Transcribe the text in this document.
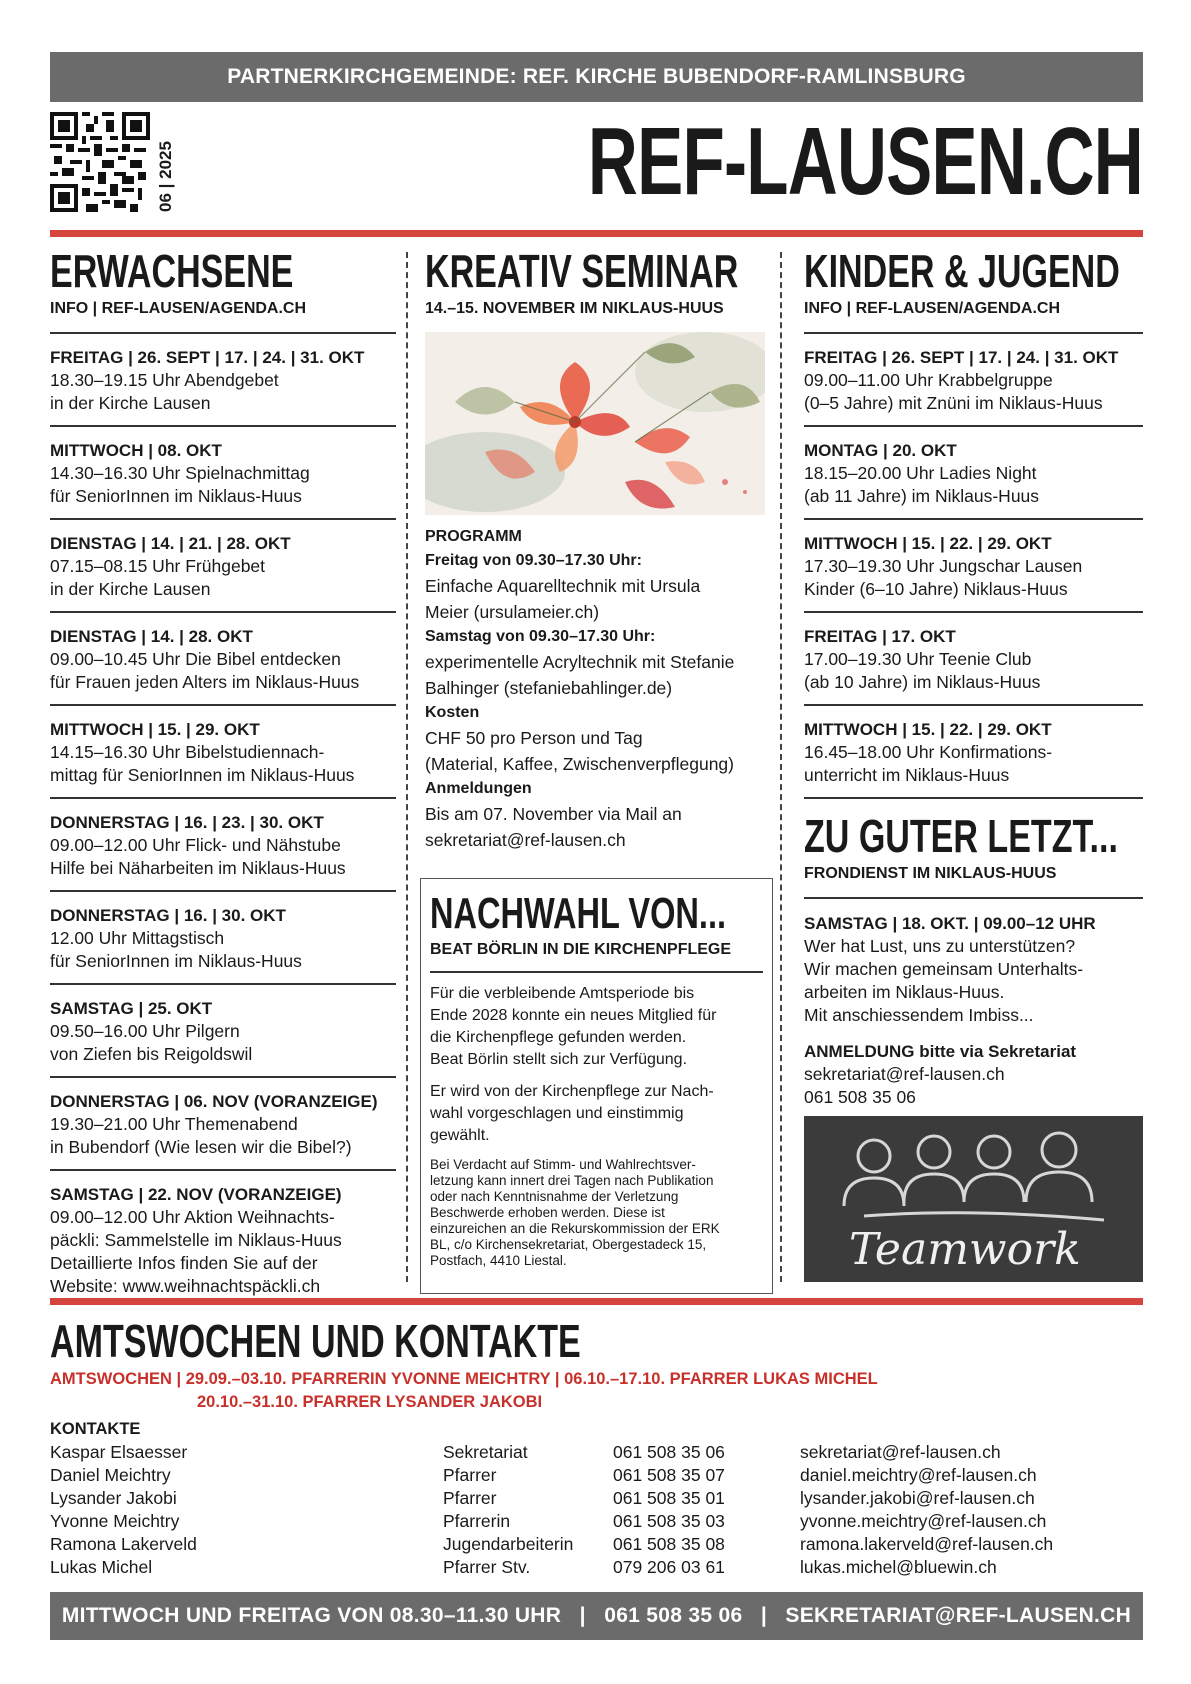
PARTNERKIRCHGEMEINDE: REF. KIRCHE BUBENDORF-RAMLINSBURG
06 | 2025	REF-LAUSEN.CH
ERWACHSENE
INFO | REF-LAUSEN/AGENDA.CH
FREITAG | 26. SEPT | 17. | 24. | 31. OKT
18.30–19.15 Uhr Abendgebet
in der Kirche Lausen
MITTWOCH | 08. OKT
14.30–16.30 Uhr Spielnachmittag
für SeniorInnen im Niklaus-Huus
DIENSTAG | 14. | 21. | 28. OKT
07.15–08.15 Uhr Frühgebet
in der Kirche Lausen
DIENSTAG | 14. | 28. OKT
09.00–10.45 Uhr Die Bibel entdecken
für Frauen jeden Alters im Niklaus-Huus
MITTWOCH | 15. | 29. OKT
14.15–16.30 Uhr Bibelstudiennach-
mittag für SeniorInnen im Niklaus-Huus
DONNERSTAG | 16. | 23. | 30. OKT
09.00–12.00 Uhr Flick- und Nähstube
Hilfe bei Näharbeiten im Niklaus-Huus
DONNERSTAG | 16. | 30. OKT
12.00 Uhr Mittagstisch
für SeniorInnen im Niklaus-Huus
SAMSTAG | 25. OKT
09.50–16.00 Uhr Pilgern
von Ziefen bis Reigoldswil
DONNERSTAG | 06. NOV (VORANZEIGE)
19.30–21.00 Uhr Themenabend
in Bubendorf (Wie lesen wir die Bibel?)
SAMSTAG | 22. NOV (VORANZEIGE)
09.00–12.00 Uhr Aktion Weihnachts-
päckli: Sammelstelle im Niklaus-Huus
Detaillierte Infos finden Sie auf der
Website: www.weihnachtspäckli.ch
KREATIV SEMINAR
14.–15. NOVEMBER IM NIKLAUS-HUUS
PROGRAMM
Freitag von 09.30–17.30 Uhr:
Einfache Aquarelltechnik mit Ursula
Meier (ursulameier.ch)
Samstag von 09.30–17.30 Uhr:
experimentelle Acryltechnik mit Stefanie
Balhinger (stefaniebahlinger.de)
Kosten
CHF 50 pro Person und Tag
(Material, Kaffee, Zwischenverpflegung)
Anmeldungen
Bis am 07. November via Mail an
sekretariat@ref-lausen.ch
NACHWAHL VON...
BEAT BÖRLIN IN DIE KIRCHENPFLEGE
Für die verbleibende Amtsperiode bis
Ende 2028 konnte ein neues Mitglied für
die Kirchenpflege gefunden werden.
Beat Börlin stellt sich zur Verfügung.
Er wird von der Kirchenpflege zur Nach-
wahl vorgeschlagen und einstimmig
gewählt.
Bei Verdacht auf Stimm- und Wahlrechtsver-
letzung kann innert drei Tagen nach Publikation
oder nach Kenntnisnahme der Verletzung
Beschwerde erhoben werden. Diese ist
einzureichen an die Rekurskommission der ERK
BL, c/o Kirchensekretariat, Obergestadeck 15,
Postfach, 4410 Liestal.
KINDER & JUGEND
INFO | REF-LAUSEN/AGENDA.CH
FREITAG | 26. SEPT | 17. | 24. | 31. OKT
09.00–11.00 Uhr Krabbelgruppe
(0–5 Jahre) mit Znüni im Niklaus-Huus
MONTAG | 20. OKT
18.15–20.00 Uhr Ladies Night
(ab 11 Jahre) im Niklaus-Huus
MITTWOCH | 15. | 22. | 29. OKT
17.30–19.30 Uhr Jungschar Lausen
Kinder (6–10 Jahre) Niklaus-Huus
FREITAG | 17. OKT
17.00–19.30 Uhr Teenie Club
(ab 10 Jahre) im Niklaus-Huus
MITTWOCH | 15. | 22. | 29. OKT
16.45–18.00 Uhr Konfirmations-
unterricht im Niklaus-Huus
ZU GUTER LETZT...
FRONDIENST IM NIKLAUS-HUUS
SAMSTAG | 18. OKT. | 09.00–12 UHR
Wer hat Lust, uns zu unterstützen?
Wir machen gemeinsam Unterhalts-
arbeiten im Niklaus-Huus.
Mit anschiessendem Imbiss...
ANMELDUNG bitte via Sekretariat
sekretariat@ref-lausen.ch
061 508 35 06
Teamwork
AMTSWOCHEN UND KONTAKTE
AMTSWOCHEN | 29.09.–03.10. PFARRERIN YVONNE MEICHTRY | 06.10.–17.10. PFARRER LUKAS MICHEL
20.10.–31.10. PFARRER LYSANDER JAKOBI
KONTAKTE
Kaspar Elsaesser	Sekretariat	061 508 35 06	sekretariat@ref-lausen.ch
Daniel Meichtry	Pfarrer	061 508 35 07	daniel.meichtry@ref-lausen.ch
Lysander Jakobi	Pfarrer	061 508 35 01	lysander.jakobi@ref-lausen.ch
Yvonne Meichtry	Pfarrerin	061 508 35 03	yvonne.meichtry@ref-lausen.ch
Ramona Lakerveld	Jugendarbeiterin	061 508 35 08	ramona.lakerveld@ref-lausen.ch
Lukas Michel	Pfarrer Stv.	079 206 03 61	lukas.michel@bluewin.ch
MITTWOCH UND FREITAG VON 08.30–11.30 UHR   |   061 508 35 06   |   SEKRETARIAT@REF-LAUSEN.CH
